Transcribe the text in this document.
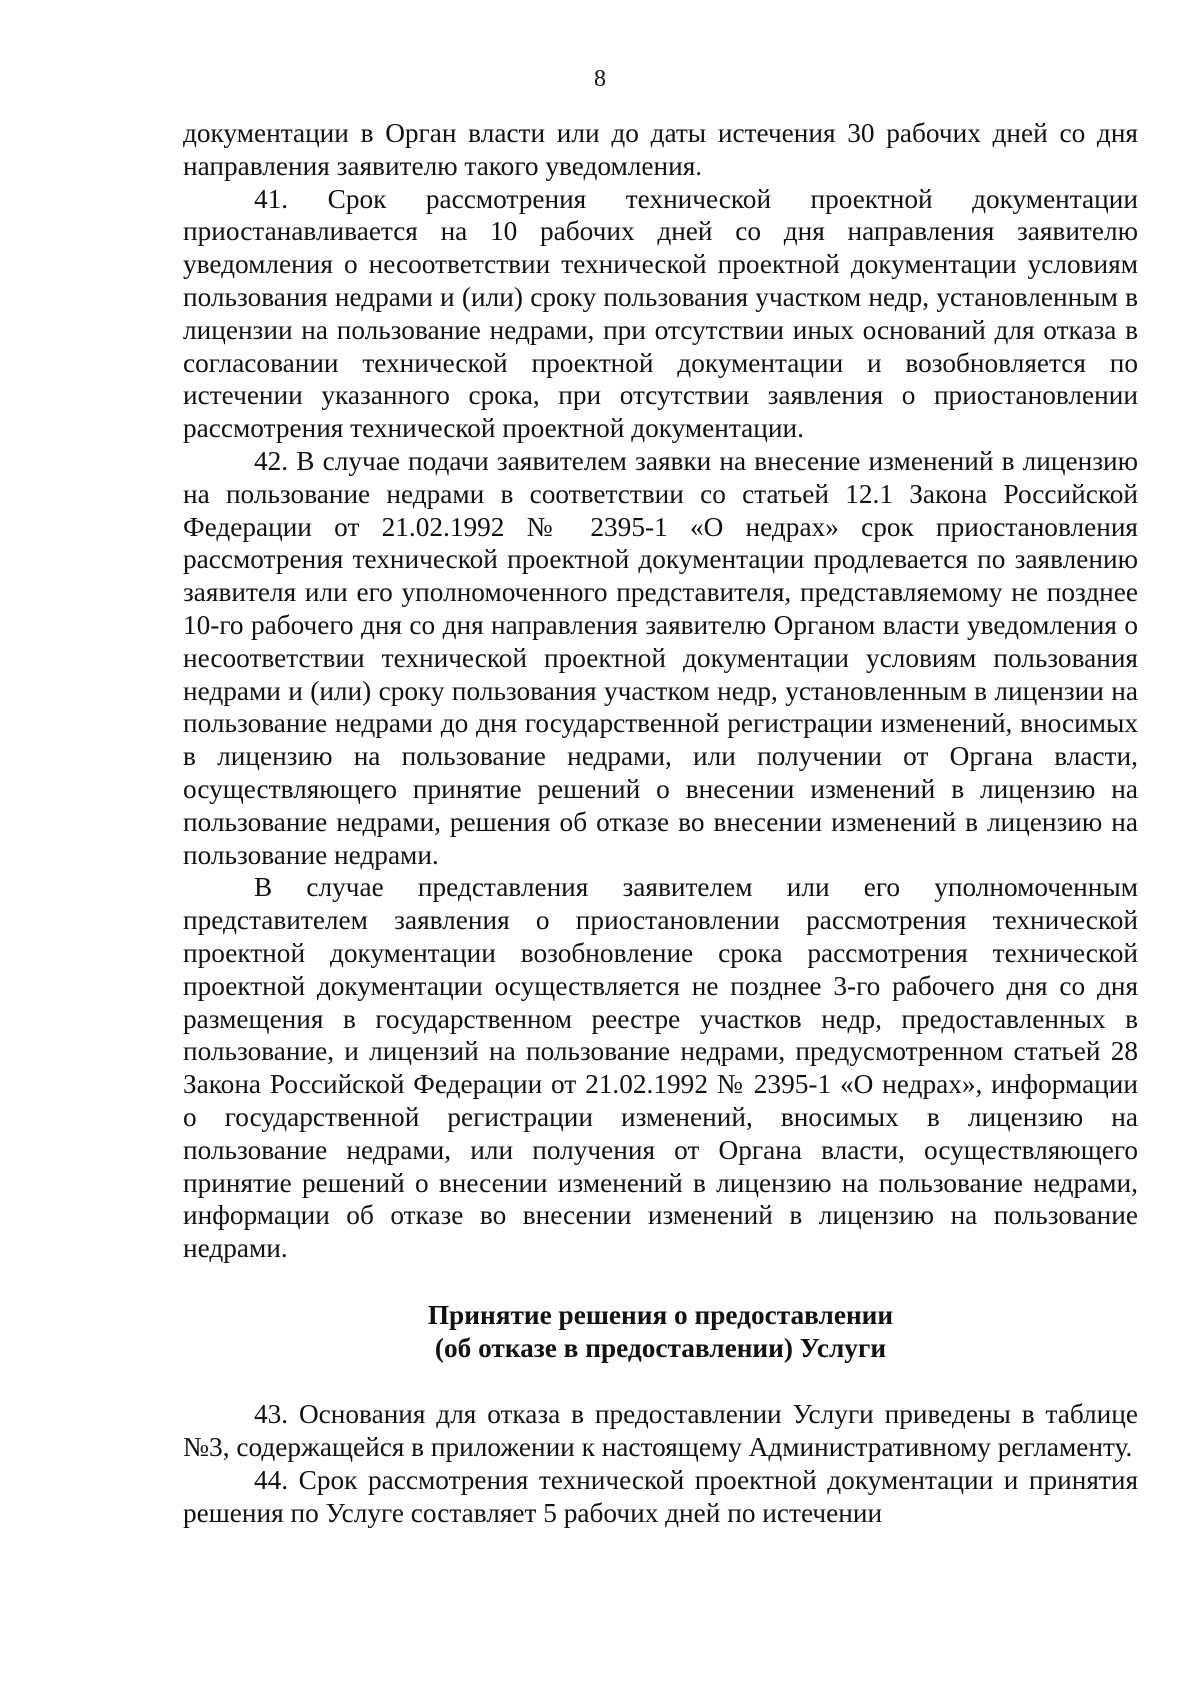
8

документации в Орган власти или до даты истечения 30 рабочих дней со дня направления заявителю такого уведомления.

41. Срок рассмотрения технической проектной документации приостанавливается на 10 рабочих дней со дня направления заявителю уведомления о несоответствии технической проектной документации условиям пользования недрами и (или) сроку пользования участком недр, установленным в лицензии на пользование недрами, при отсутствии иных оснований для отказа в согласовании технической проектной документации и возобновляется по истечении указанного срока, при отсутствии заявления о приостановлении рассмотрения технической проектной документации.

42. В случае подачи заявителем заявки на внесение изменений в лицензию на пользование недрами в соответствии со статьей 12.1 Закона Российской Федерации от 21.02.1992 № 2395-1 «О недрах» срок приостановления рассмотрения технической проектной документации продлевается по заявлению заявителя или его уполномоченного представителя, представляемому не позднее 10-го рабочего дня со дня направления заявителю Органом власти уведомления о несоответствии технической проектной документации условиям пользования недрами и (или) сроку пользования участком недр, установленным в лицензии на пользование недрами до дня государственной регистрации изменений, вносимых в лицензию на пользование недрами, или получении от Органа власти, осуществляющего принятие решений о внесении изменений в лицензию на пользование недрами, решения об отказе во внесении изменений в лицензию на пользование недрами.

В случае представления заявителем или его уполномоченным представителем заявления о приостановлении рассмотрения технической проектной документации возобновление срока рассмотрения технической проектной документации осуществляется не позднее 3-го рабочего дня со дня размещения в государственном реестре участков недр, предоставленных в пользование, и лицензий на пользование недрами, предусмотренном статьей 28 Закона Российской Федерации от 21.02.1992 № 2395-1 «О недрах», информации о государственной регистрации изменений, вносимых в лицензию на пользование недрами, или получения от Органа власти, осуществляющего принятие решений о внесении изменений в лицензию на пользование недрами, информации об отказе во внесении изменений в лицензию на пользование недрами.

Принятие решения о предоставлении
(об отказе в предоставлении) Услуги

43. Основания для отказа в предоставлении Услуги приведены в таблице №3, содержащейся в приложении к настоящему Административному регламенту.

44. Срок рассмотрения технической проектной документации и принятия решения по Услуге составляет 5 рабочих дней по истечении
